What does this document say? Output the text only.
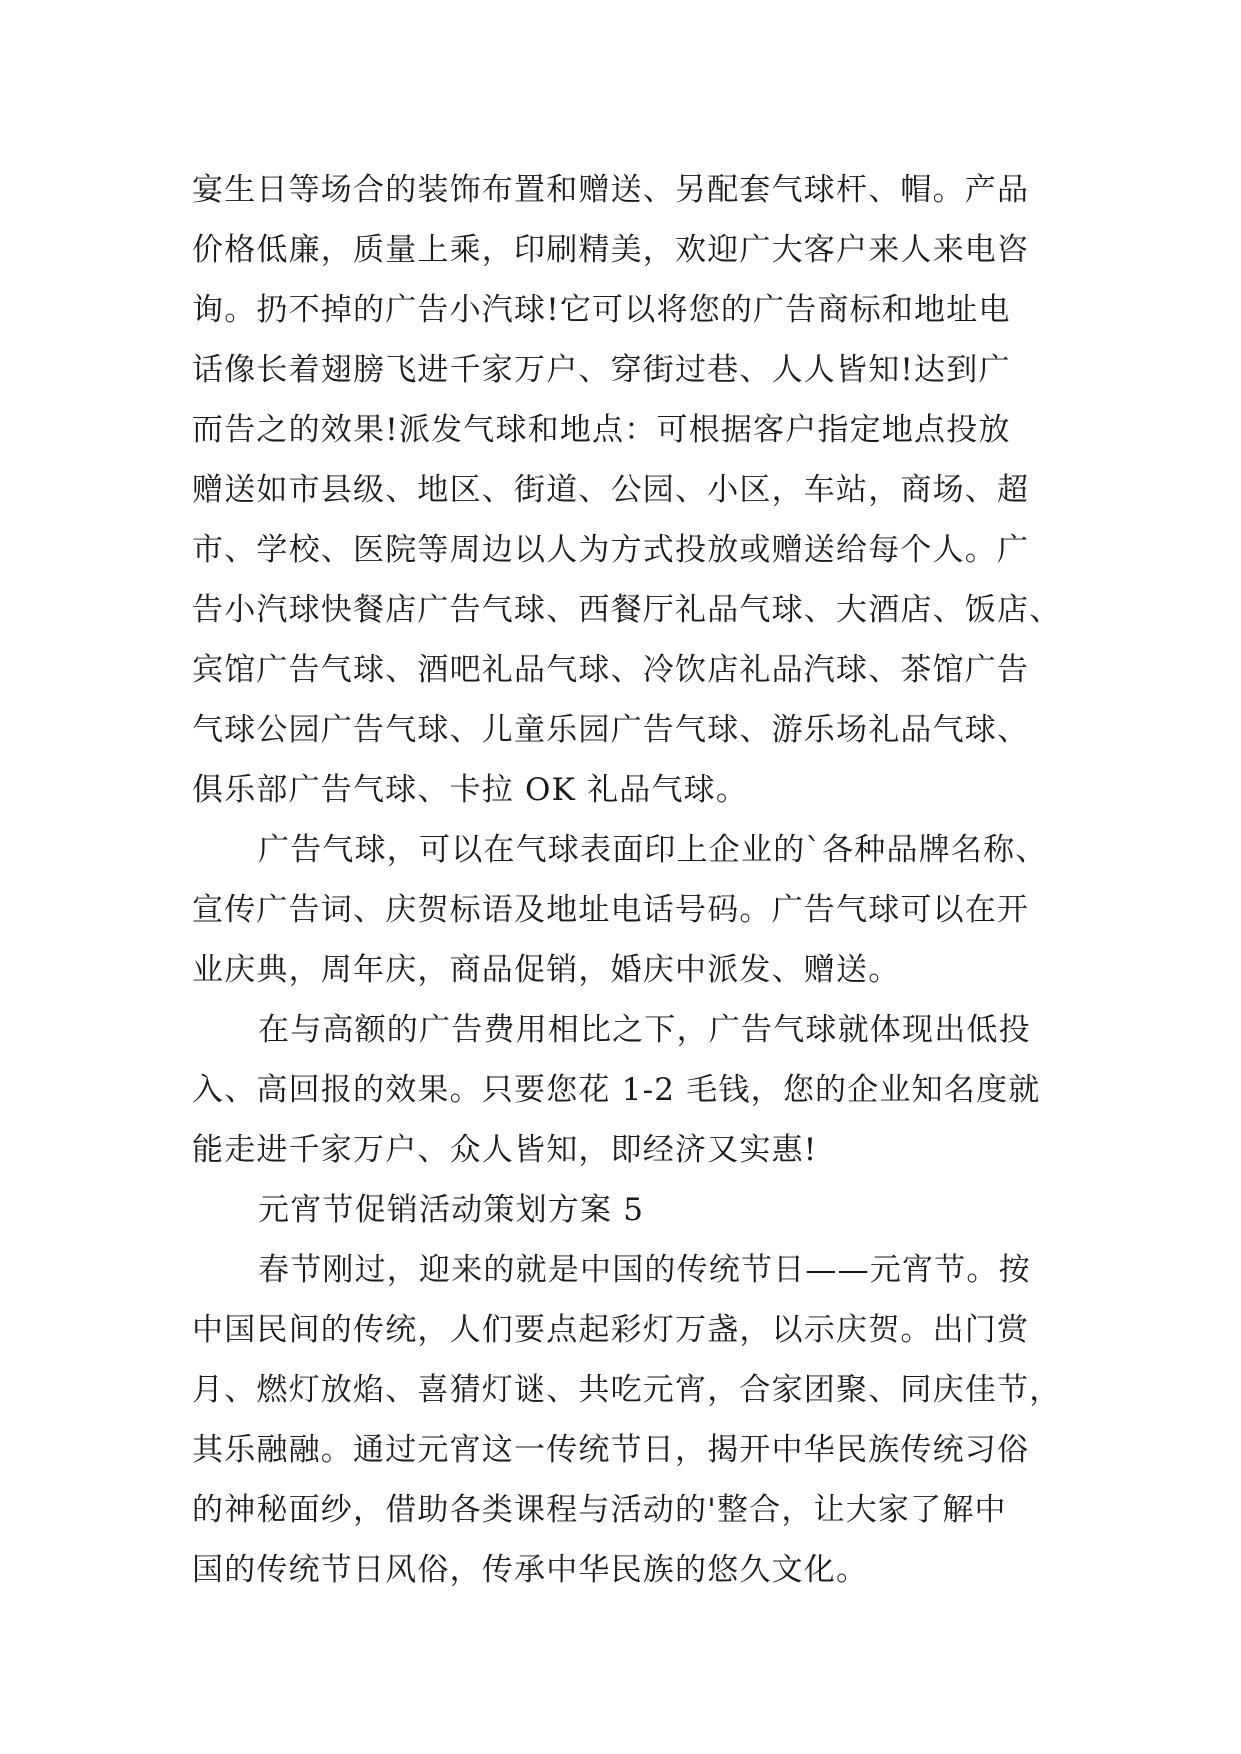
宴生日等场合的装饰布置和赠送、另配套气球杆、帽。产品
价格低廉，质量上乘，印刷精美，欢迎广大客户来人来电咨
询。扔不掉的广告小汽球!它可以将您的广告商标和地址电
话像长着翅膀飞进千家万户、穿街过巷、人人皆知!达到广
而告之的效果!派发气球和地点：可根据客户指定地点投放
赠送如市县级、地区、街道、公园、小区，车站，商场、超
市、学校、医院等周边以人为方式投放或赠送给每个人。广
告小汽球快餐店广告气球、西餐厅礼品气球、大酒店、饭店、
宾馆广告气球、酒吧礼品气球、冷饮店礼品汽球、茶馆广告
气球公园广告气球、儿童乐园广告气球、游乐场礼品气球、
俱乐部广告气球、卡拉 OK 礼品气球。

广告气球，可以在气球表面印上企业的`各种品牌名称、
宣传广告词、庆贺标语及地址电话号码。广告气球可以在开
业庆典，周年庆，商品促销，婚庆中派发、赠送。

在与高额的广告费用相比之下，广告气球就体现出低投
入、高回报的效果。只要您花 1-2 毛钱，您的企业知名度就
能走进千家万户、众人皆知，即经济又实惠!

元宵节促销活动策划方案 5

春节刚过，迎来的就是中国的传统节日——元宵节。按
中国民间的传统，人们要点起彩灯万盏，以示庆贺。出门赏
月、燃灯放焰、喜猜灯谜、共吃元宵，合家团聚、同庆佳节，
其乐融融。通过元宵这一传统节日，揭开中华民族传统习俗
的神秘面纱，借助各类课程与活动的'整合，让大家了解中
国的传统节日风俗，传承中华民族的悠久文化。
